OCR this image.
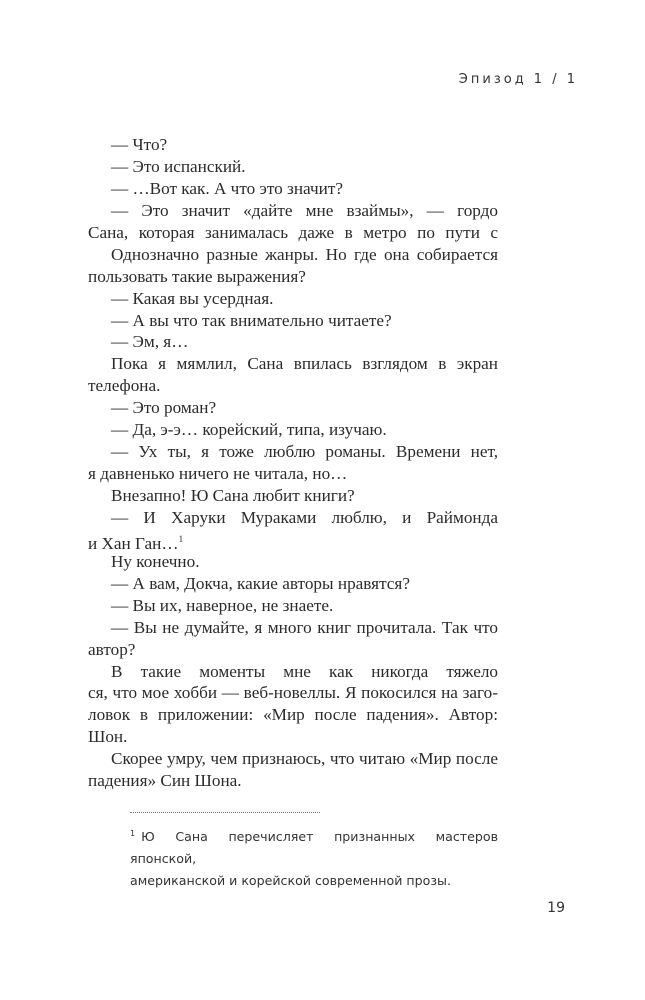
Эпизод 1 / 1
— Что?
— Это испанский.
— …Вот как. А что это значит?
— Это значит «дайте мне взаймы», — гордо
Сана, которая занималась даже в метро по пути с
Однозначно разные жанры. Но где она собирается
пользовать такие выражения?
— Какая вы усердная.
— А вы что так внимательно читаете?
— Эм, я…
Пока я мямлил, Сана впилась взглядом в экран
телефона.
— Это роман?
— Да, э-э… корейский, типа, изучаю.
— Ух ты, я тоже люблю романы. Времени нет,
я давненько ничего не читала, но…
Внезапно! Ю Сана любит книги?
— И Харуки Мураками люблю, и Раймонда
и Хан Ган…$^1$
Ну конечно.
— А вам, Докча, какие авторы нравятся?
— Вы их, наверное, не знаете.
— Вы не думайте, я много книг прочитала. Так что
автор?
В такие моменты мне как никогда тяжело
ся, что мое хобби — веб-новеллы. Я покосился на заго-
ловок в приложении: «Мир после падения». Автор:
Шон.
Скорее умру, чем признаюсь, что читаю «Мир после
падения» Син Шона.
$^1$ Ю Сана перечисляет признанных мастеров японской,
американской и корейской современной прозы.
19
